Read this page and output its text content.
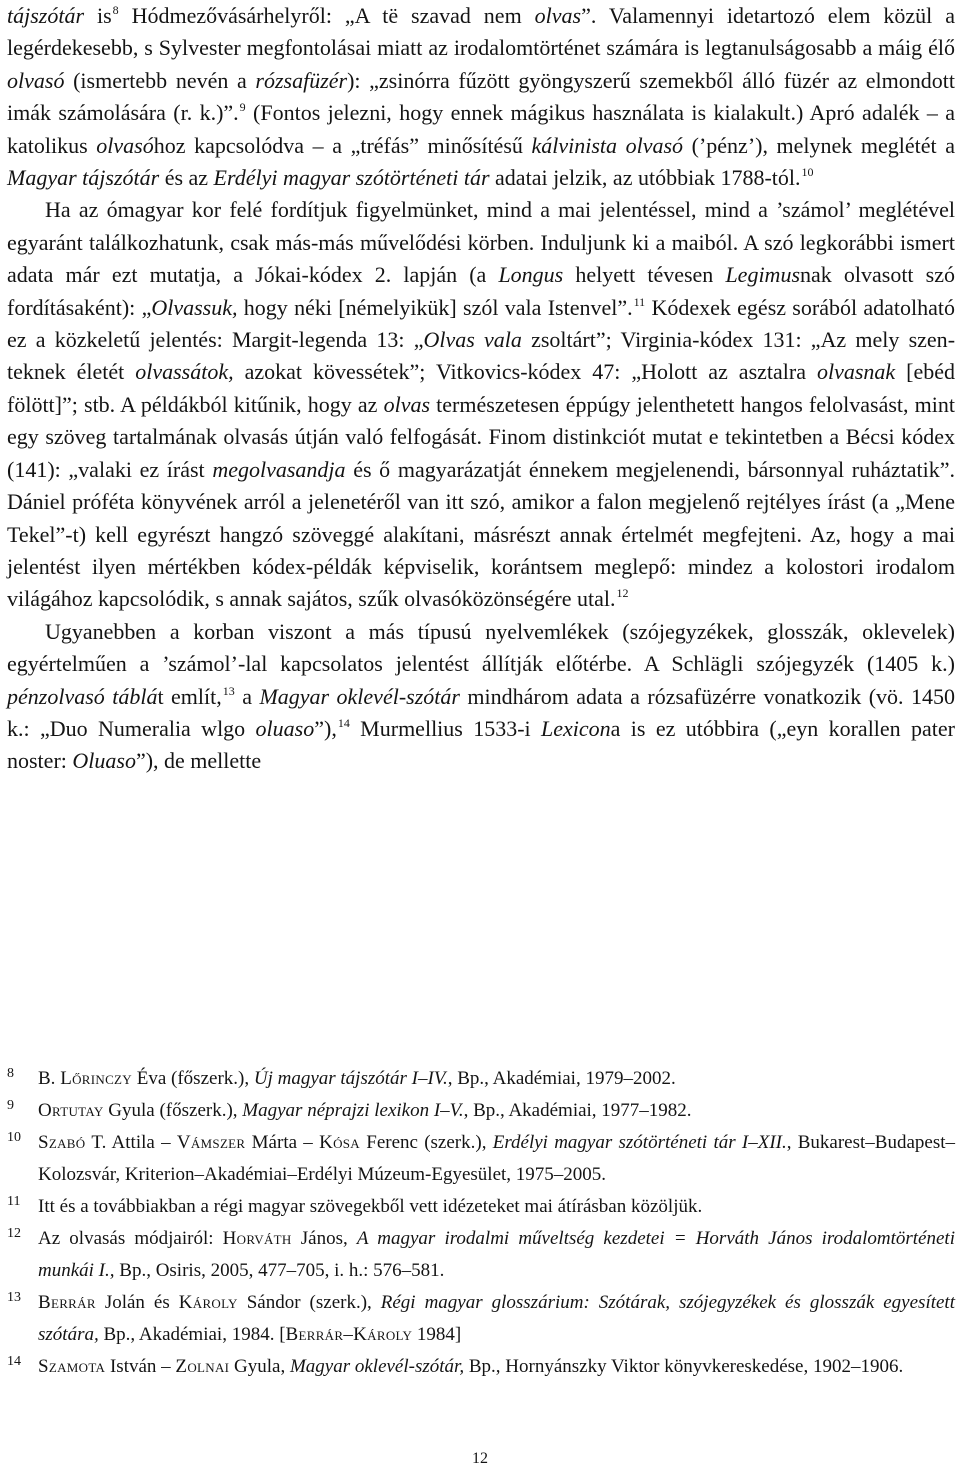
tájszótár $is^8$ Hódmezővásárhelyről: „A të szavad nem olvas”. Valamennyi idetartozó elem közül a legérdekesebb, s Sylvester megfontolásai miatt az irodalomtörténet számára is legtanulságosabb a máig élő olvasó (ismertebb nevén a rózsafüzér): „zsinórra fűzött gyöngyszerű szemekből álló füzér az elmondott imák számolására (r. k.)”.$^9$ (Fontos jelezni, hogy ennek mágikus használata is kialakult.) Apró adalék – a katolikus olvasóhoz kapcsolódva – a „tréfás” minősítésű kálvinista olvasó (’pénz’), melynek meglétét a Magyar tájszótár és az Erdélyi magyar szótörténeti tár adatai jelzik, az utóbbiak 1788-tól.$^{10}$

Ha az ómagyar kor felé fordítjuk figyelmünket, mind a mai jelentéssel, mind a ’számol’ meglétével egyaránt találkozhatunk, csak más-más művelődési körben. Induljunk ki a maiból. A szó legkorábbi ismert adata már ezt mutatja, a Jókai-kódex 2. lapján (a Longus helyett tévesen Legimusnak olvasott szó fordításaként): „Olvassuk, hogy néki [némelyikük] szól vala Istenvel”.$^{11}$ Kódexek egész sorából adatolható ez a közkeletű jelentés: Margit-legenda 13: „Olvas vala zsoltárt”; Virginia-kódex 131: „Az mely szenteknek életét olvassátok, azokat kövessétek”; Vitkovics-kódex 47: „Holott az asztalra olvasnak [ebéd fölött]”; stb. A példákból kitűnik, hogy az olvas természetesen éppúgy jelenthetett hangos felolvasást, mint egy szöveg tartalmának olvasás útján való felfogását. Finom distinkciót mutat e tekintetben a Bécsi kódex (141): „valaki ez írást megolvasandja és ő magyarázatját énnekem megjelenendi, bársonnyal ruháztatik”. Dániel próféta könyvének arról a jelenetéről van itt szó, amikor a falon megjelenő rejtélyes írást (a „Mene Tekel”-t) kell egyrészt hangzó szöveggé alakítani, másrészt annak értelmét megfejteni. Az, hogy a mai jelentést ilyen mértékben kódex-példák képviselik, korántsem meglepő: mindez a kolostori irodalom világához kapcsolódik, s annak sajátos, szűk olvasóközönségére utal.$^{12}$

Ugyanebben a korban viszont a más típusú nyelvemlékek (szójegyzékek, glosszák, oklevelek) egyértelműen a ’számol’-lal kapcsolatos jelentést állítják előtérbe. A Schlägli szójegyzék (1405 k.) pénzolvasó táblát említ,$^{13}$ a Magyar oklevél-szótár mindhárom adata a rózsafüzérre vonatkozik (vö. 1450 k.: „Duo Numeralia wlgo oluaso”),$^{14}$ Murmellius 1533-i Lexicona is ez utóbbira („eyn korallen pater noster: Oluaso”), de mellette

8 B. Lőrinczy Éva (főszerk.), Új magyar tájszótár I–IV., Bp., Akadémiai, 1979–2002.
9 Ortutay Gyula (főszerk.), Magyar néprajzi lexikon I–V., Bp., Akadémiai, 1977–1982.
10 Szabó T. Attila – Vámszer Márta – Kósa Ferenc (szerk.), Erdélyi magyar szótörténeti tár I–XII., Bukarest–Budapest–Kolozsvár, Kriterion–Akadémiai–Erdélyi Múzeum-Egyesület, 1975–2005.
11 Itt és a továbbiakban a régi magyar szövegekből vett idézeteket mai átírásban közöljük.
12 Az olvasás módjairól: Horváth János, A magyar irodalmi műveltség kezdetei = Horváth János irodalomtörténeti munkái I., Bp., Osiris, 2005, 477–705, i. h.: 576–581.
13 Berrár Jolán és Károly Sándor (szerk.), Régi magyar glosszárium: Szótárak, szójegyzékek és glosszák egyesített szótára, Bp., Akadémiai, 1984. [Berrár–Károly 1984]
14 Szamota István – Zolnai Gyula, Magyar oklevél-szótár, Bp., Hornyánszky Viktor könyvkereskedése, 1902–1906.
12
